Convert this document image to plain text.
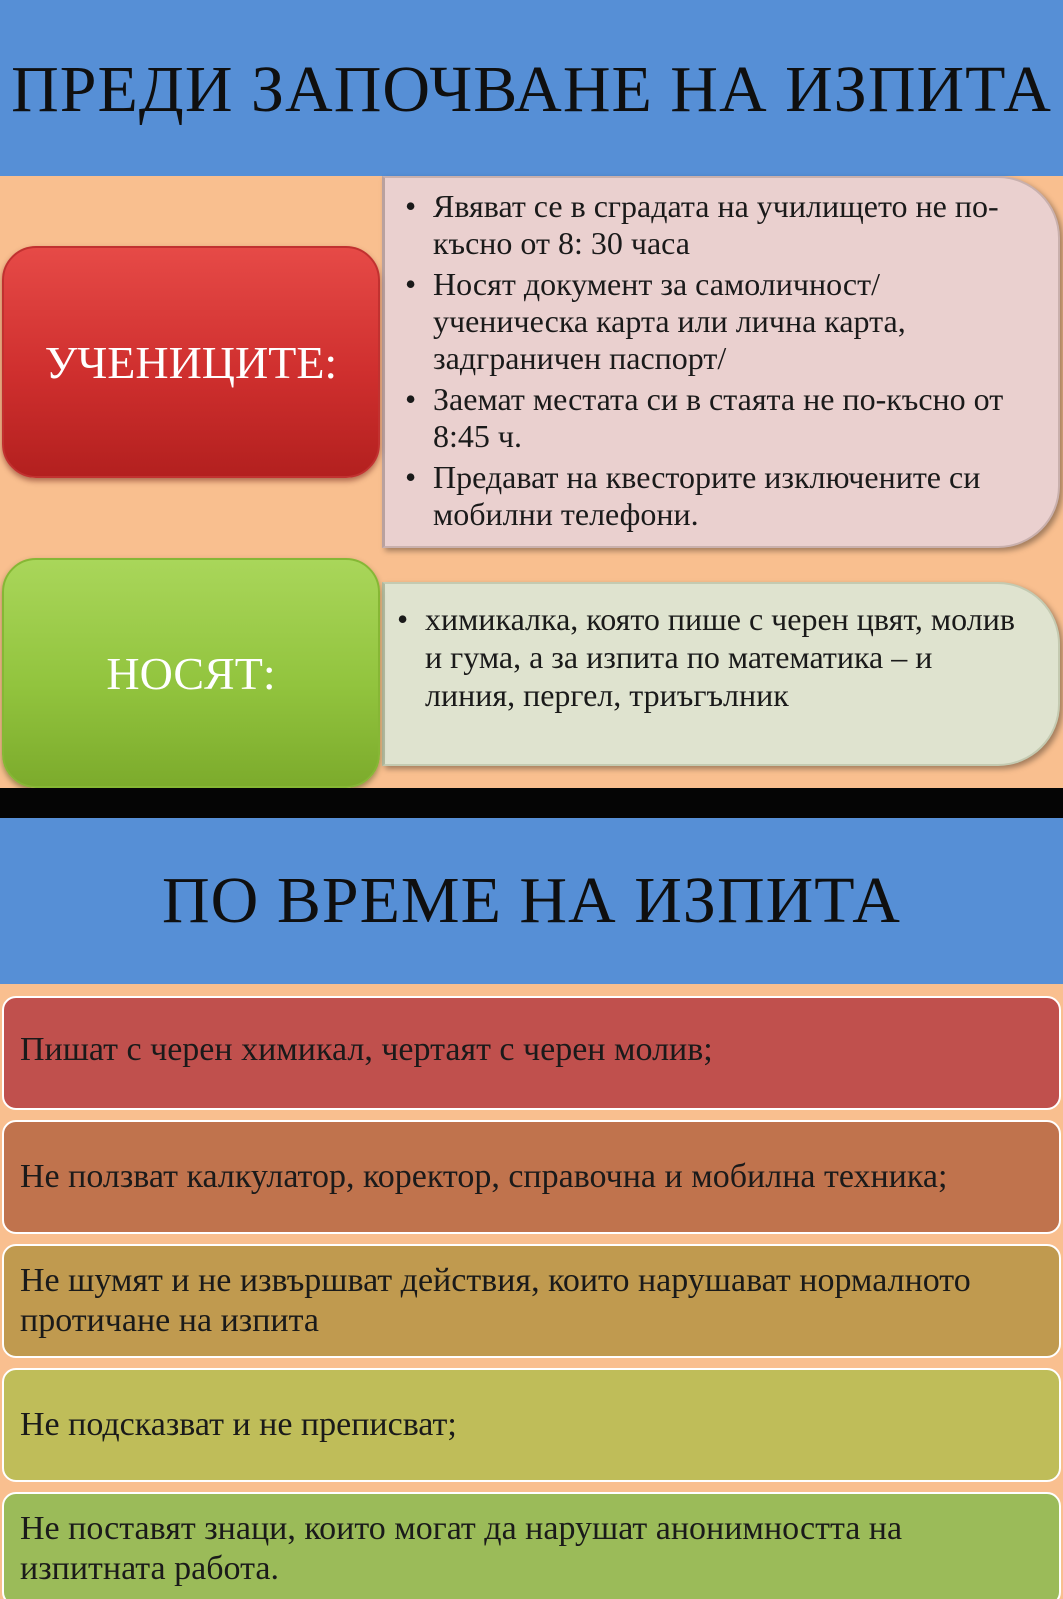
ПРЕДИ ЗАПОЧВАНЕ НА ИЗПИТА
• Явяват се в сградата на училището не по-късно от 8: 30 часа
• Носят документ за самоличност/ ученическа карта или лична карта, задграничен паспорт/
• Заемат местата си в стаята не по-късно от 8:45 ч.
• Предават на квесторите изключените си мобилни телефони.
УЧЕНИЦИТЕ:
• химикалка, която пише с черен цвят, молив и гума, а за изпита по математика – и линия, пергел, триъгълник
НОСЯТ:
ПО ВРЕМЕ НА ИЗПИТА
Пишат с черен химикал, чертаят с черен молив;
Не ползват калкулатор, коректор, справочна и мобилна техника;
Не шумят и не извършват действия, които нарушават нормалното протичане на изпита
Не подсказват и не преписват;
Не поставят знаци, които могат да нарушат анонимността на изпитната работа.
